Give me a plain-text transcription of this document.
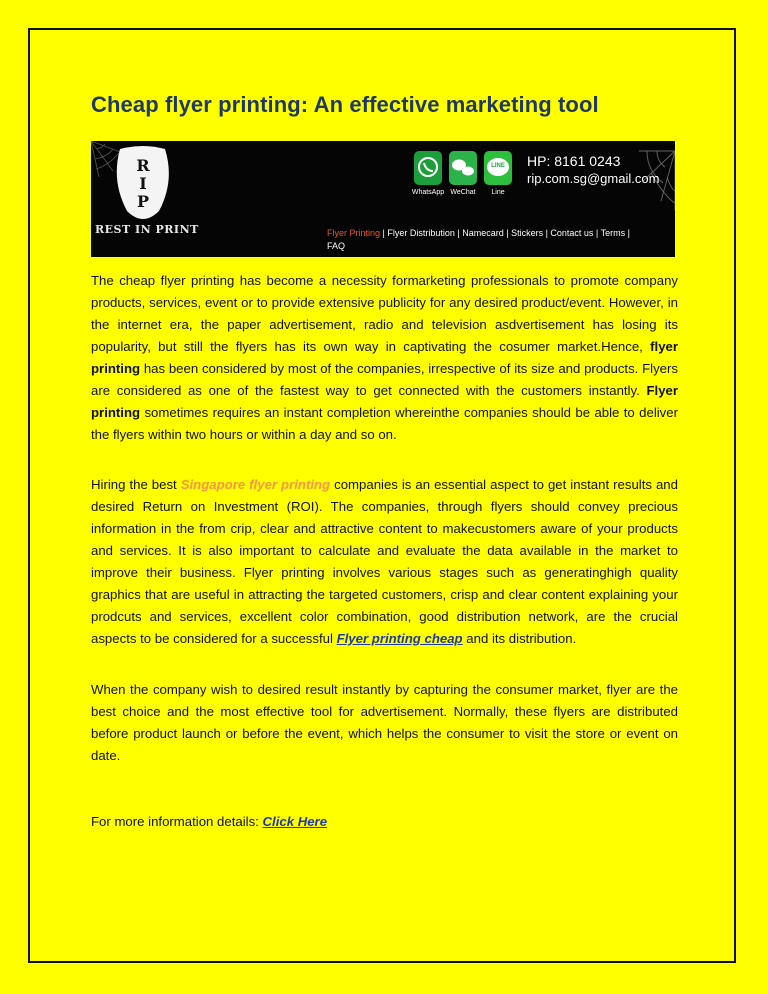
Cheap flyer printing: An effective marketing tool
R
I
P
REST IN PRINT
WhatsApp WeChat	Line
LINE HP: 8161 0243
rip.com.sg@gmail.com
Flyer Printing | Flyer Distribution | Namecard | Stickers | Contact us | Terms |
FAQ

The cheap flyer printing has become a necessity formarketing professionals to promote company products, services, event or to provide extensive publicity for any desired product/event. However, in the internet era, the paper advertisement, radio and television asdvertisement has losing its popularity, but still the flyers has its own way in captivating the cosumer market.Hence, flyer printing has been considered by most of the companies, irrespective of its size and products. Flyers are considered as one of the fastest way to get connected with the customers instantly. Flyer printing sometimes requires an instant completion whereinthe companies should be able to deliver the flyers within two hours or within a day and so on.

Hiring the best Singapore flyer printing companies is an essential aspect to get instant results and desired Return on Investment (ROI). The companies, through flyers should convey precious information in the from crip, clear and attractive content to makecustomers aware of your products and services. It is also important to calculate and evaluate the data available in the market to improve their business. Flyer printing involves various stages such as generatinghigh quality graphics that are useful in attracting the targeted customers, crisp and clear content explaining your prodcuts and services, excellent color combination, good distribution network, are the crucial aspects to be considered for a successful Flyer printing cheap and its distribution.

When the company wish to desired result instantly by capturing the consumer market, flyer are the best choice and the most effective tool for advertisement. Normally, these flyers are distributed before product launch or before the event, which helps the consumer to visit the store or event on date.

For more information details: Click Here
